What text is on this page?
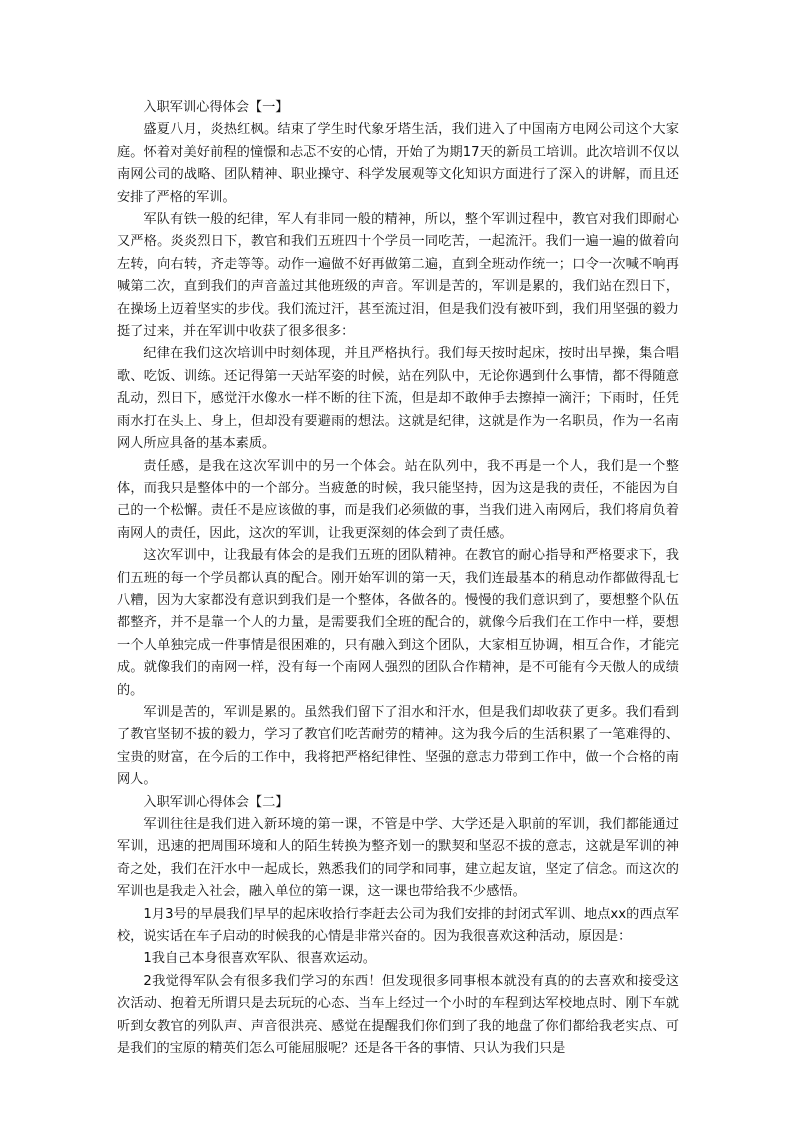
入职军训心得体会【一】

盛夏八月，炎热红枫。结束了学生时代象牙塔生活，我们进入了中国南方电网公司这个大家庭。怀着对美好前程的憧憬和忐忑不安的心情，开始了为期17天的新员工培训。此次培训不仅以南网公司的战略、团队精神、职业操守、科学发展观等文化知识方面进行了深入的讲解，而且还安排了严格的军训。

军队有铁一般的纪律，军人有非同一般的精神，所以，整个军训过程中，教官对我们即耐心又严格。炎炎烈日下，教官和我们五班四十个学员一同吃苦，一起流汗。我们一遍一遍的做着向左转，向右转，齐走等等。动作一遍做不好再做第二遍，直到全班动作统一；口令一次喊不响再喊第二次，直到我们的声音盖过其他班级的声音。军训是苦的，军训是累的，我们站在烈日下，在操场上迈着坚实的步伐。我们流过汗，甚至流过泪，但是我们没有被吓到，我们用坚强的毅力挺了过来，并在军训中收获了很多很多：

纪律在我们这次培训中时刻体现，并且严格执行。我们每天按时起床，按时出早操，集合唱歌、吃饭、训练。还记得第一天站军姿的时候，站在列队中，无论你遇到什么事情，都不得随意乱动，烈日下，感觉汗水像水一样不断的往下流，但是却不敢伸手去擦掉一滴汗；下雨时，任凭雨水打在头上、身上，但却没有要避雨的想法。这就是纪律，这就是作为一名职员，作为一名南网人所应具备的基本素质。

责任感，是我在这次军训中的另一个体会。站在队列中，我不再是一个人，我们是一个整体，而我只是整体中的一个部分。当疲惫的时候，我只能坚持，因为这是我的责任，不能因为自己的一个松懈。责任不是应该做的事，而是我们必须做的事，当我们进入南网后，我们将肩负着南网人的责任，因此，这次的军训，让我更深刻的体会到了责任感。

这次军训中，让我最有体会的是我们五班的团队精神。在教官的耐心指导和严格要求下，我们五班的每一个学员都认真的配合。刚开始军训的第一天，我们连最基本的稍息动作都做得乱七八糟，因为大家都没有意识到我们是一个整体，各做各的。慢慢的我们意识到了，要想整个队伍都整齐，并不是靠一个人的力量，是需要我们全班的配合的，就像今后我们在工作中一样，要想一个人单独完成一件事情是很困难的，只有融入到这个团队，大家相互协调，相互合作，才能完成。就像我们的南网一样，没有每一个南网人强烈的团队合作精神，是不可能有今天傲人的成绩的。

军训是苦的，军训是累的。虽然我们留下了泪水和汗水，但是我们却收获了更多。我们看到了教官坚韧不拔的毅力，学习了教官们吃苦耐劳的精神。这为我今后的生活积累了一笔难得的、宝贵的财富，在今后的工作中，我将把严格纪律性、坚强的意志力带到工作中，做一个合格的南网人。

入职军训心得体会【二】

军训往往是我们进入新环境的第一课，不管是中学、大学还是入职前的军训，我们都能通过军训，迅速的把周围环境和人的陌生转换为整齐划一的默契和坚忍不拔的意志，这就是军训的神奇之处，我们在汗水中一起成长，熟悉我们的同学和同事，建立起友谊，坚定了信念。而这次的军训也是我走入社会，融入单位的第一课，这一课也带给我不少感悟。

1月3号的早晨我们早早的起床收拾行李赶去公司为我们安排的封闭式军训、地点xx的西点军校，说实话在车子启动的时候我的心情是非常兴奋的。因为我很喜欢这种活动，原因是：

1我自己本身很喜欢军队、很喜欢运动。

2我觉得军队会有很多我们学习的东西！但发现很多同事根本就没有真的的去喜欢和接受这次活动、抱着无所谓只是去玩玩的心态、当车上经过一个小时的车程到达军校地点时、刚下车就听到女教官的列队声、声音很洪亮、感觉在提醒我们你们到了我的地盘了你们都给我老实点、可是我们的宝原的精英们怎么可能屈服呢？还是各干各的事情、只认为我们只是
